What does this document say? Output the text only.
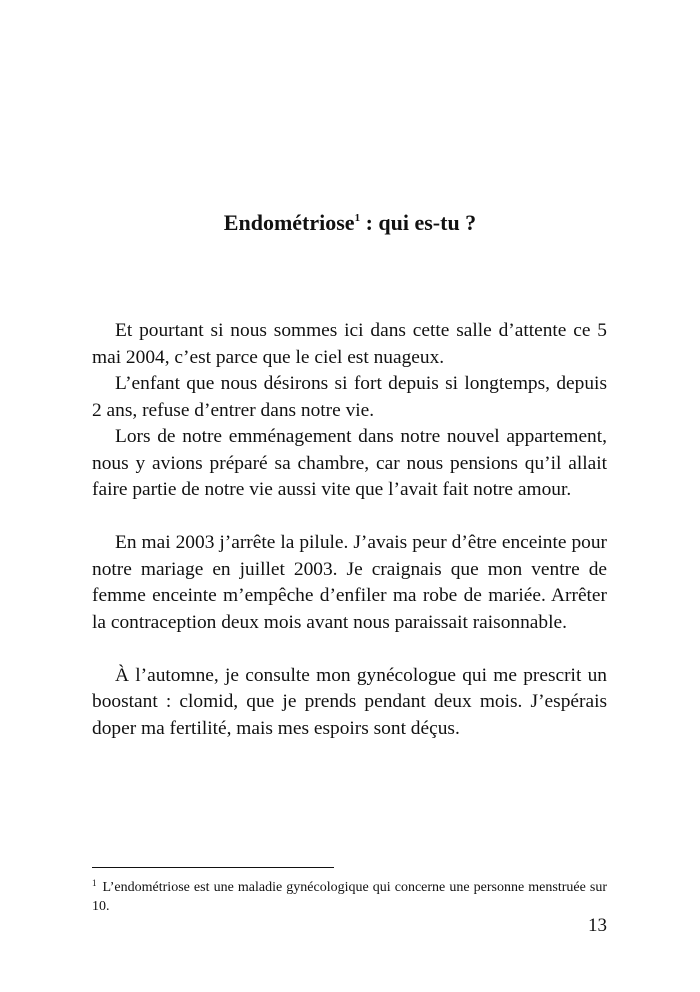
Endométriose$^1$ : qui es-tu ?

Et pourtant si nous sommes ici dans cette salle d’attente ce 5 mai 2004, c’est parce que le ciel est nuageux.

L’enfant que nous désirons si fort depuis si longtemps, depuis 2 ans, refuse d’entrer dans notre vie.

Lors de notre emménagement dans notre nouvel appartement, nous y avions préparé sa chambre, car nous pensions qu’il allait faire partie de notre vie aussi vite que l’avait fait notre amour.

En mai 2003 j’arrête la pilule. J’avais peur d’être enceinte pour notre mariage en juillet 2003. Je craignais que mon ventre de femme enceinte m’empêche d’enfiler ma robe de mariée. Arrêter la contraception deux mois avant nous paraissait raisonnable.

À l’automne, je consulte mon gynécologue qui me prescrit un boostant : clomid, que je prends pendant deux mois. J’espérais doper ma fertilité, mais mes espoirs sont déçus.

$^1$ L’endométriose est une maladie gynécologique qui concerne une personne menstruée sur 10.

13
